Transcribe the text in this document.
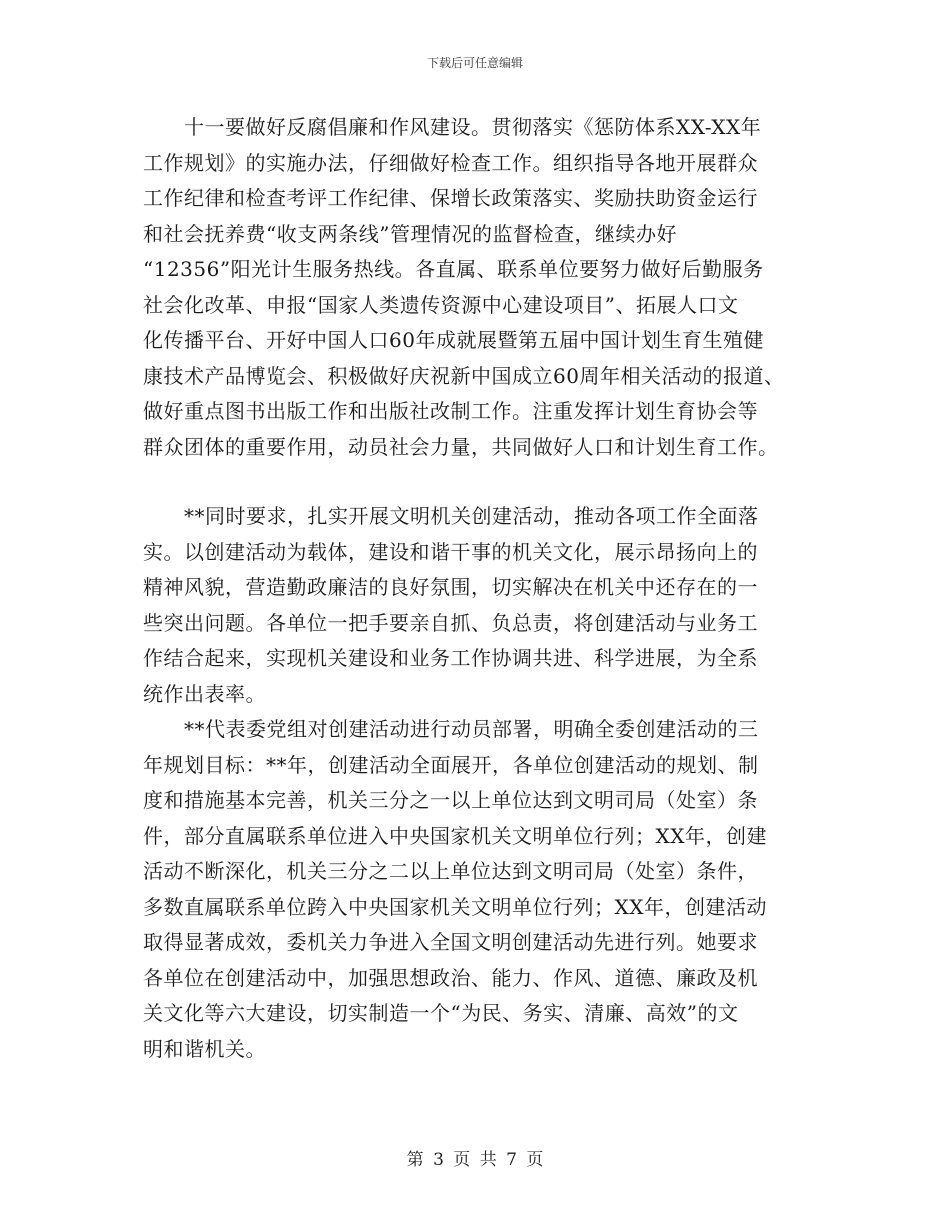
下载后可任意编辑
　　十一要做好反腐倡廉和作风建设。贯彻落实《惩防体系XX-XX年
工作规划》的实施办法，仔细做好检查工作。组织指导各地开展群众
工作纪律和检查考评工作纪律、保增长政策落实、奖励扶助资金运行
和社会抚养费“收支两条线”管理情况的监督检查，继续办好
“12356”阳光计生服务热线。各直属、联系单位要努力做好后勤服务
社会化改革、申报“国家人类遗传资源中心建设项目”、拓展人口文
化传播平台、开好中国人口60年成就展暨第五届中国计划生育生殖健
康技术产品博览会、积极做好庆祝新中国成立60周年相关活动的报道、
做好重点图书出版工作和出版社改制工作。注重发挥计划生育协会等
群众团体的重要作用，动员社会力量，共同做好人口和计划生育工作。
　　**同时要求，扎实开展文明机关创建活动，推动各项工作全面落
实。以创建活动为载体，建设和谐干事的机关文化，展示昂扬向上的
精神风貌，营造勤政廉洁的良好氛围，切实解决在机关中还存在的一
些突出问题。各单位一把手要亲自抓、负总责，将创建活动与业务工
作结合起来，实现机关建设和业务工作协调共进、科学进展，为全系
统作出表率。
　　**代表委党组对创建活动进行动员部署，明确全委创建活动的三
年规划目标：**年，创建活动全面展开，各单位创建活动的规划、制
度和措施基本完善，机关三分之一以上单位达到文明司局（处室）条
件，部分直属联系单位进入中央国家机关文明单位行列；XX年，创建
活动不断深化，机关三分之二以上单位达到文明司局（处室）条件，
多数直属联系单位跨入中央国家机关文明单位行列；XX年，创建活动
取得显著成效，委机关力争进入全国文明创建活动先进行列。她要求
各单位在创建活动中，加强思想政治、能力、作风、道德、廉政及机
关文化等六大建设，切实制造一个“为民、务实、清廉、高效”的文
明和谐机关。
第 3 页 共 7 页
